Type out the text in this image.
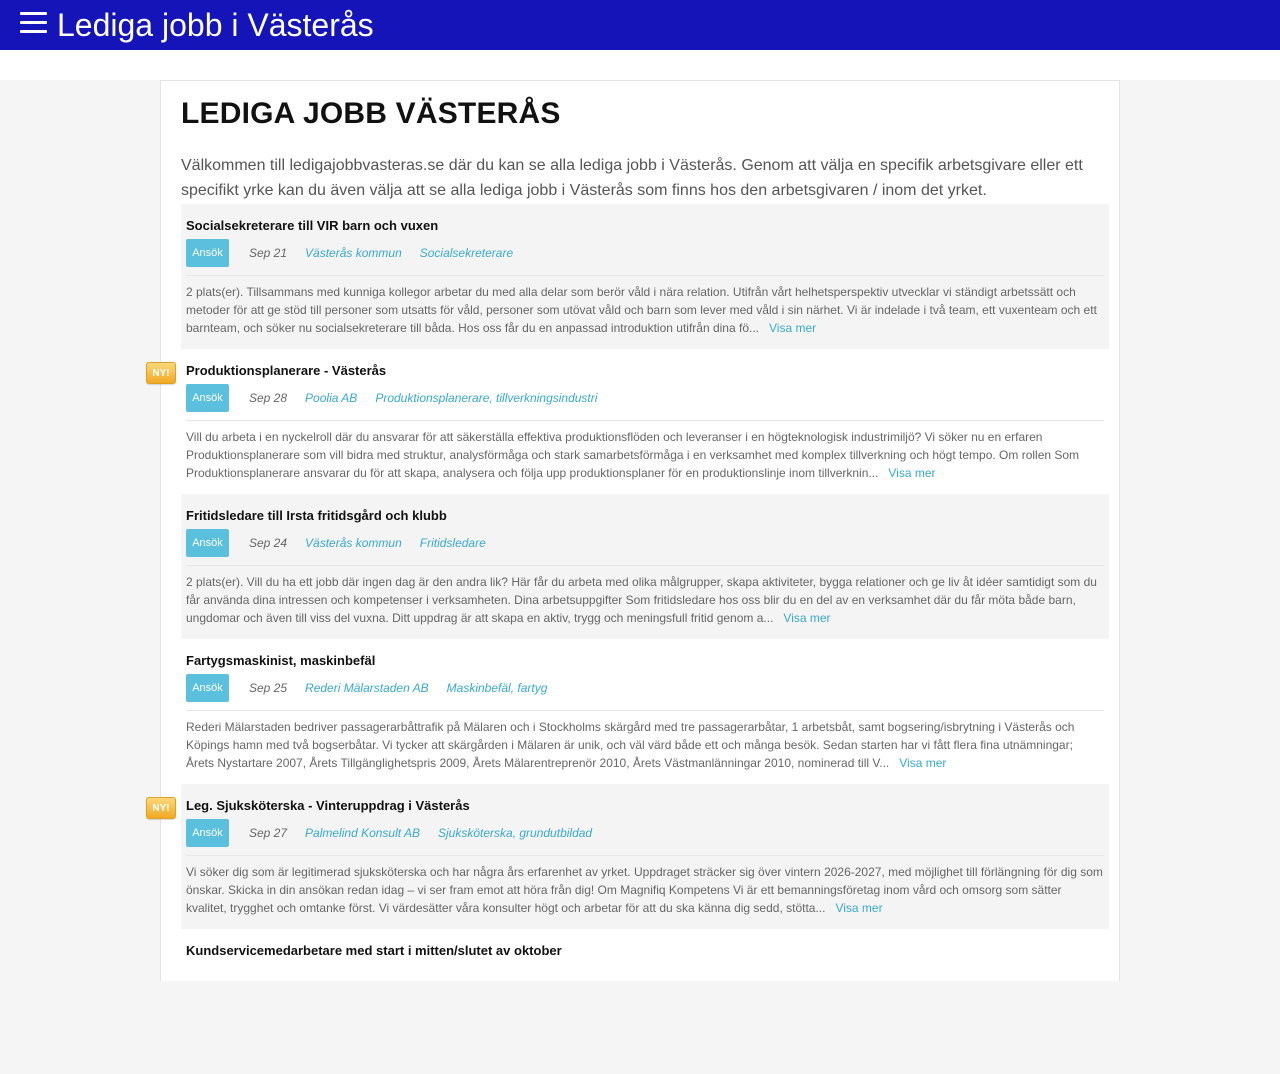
Lediga jobb i Västerås
LEDIGA JOBB VÄSTERÅS

Välkommen till ledigajobbvasteras.se där du kan se alla lediga jobb i Västerås. Genom att välja en specifik arbetsgivare eller ett specifikt yrke kan du även välja att se alla lediga jobb i Västerås som finns hos den arbetsgivaren / inom det yrket.

Socialsekreterare till VIR barn och vuxen
Ansök	Sep 21 Västerås kommun Socialsekreterare

2 plats(er). Tillsammans med kunniga kollegor arbetar du med alla delar som berör våld i nära relation. Utifrån vårt helhetsperspektiv utvecklar vi ständigt arbetssätt och metoder för att ge stöd till personer som utsatts för våld, personer som utövat våld och barn som lever med våld i sin närhet. Vi är indelade i två team, ett vuxenteam och ett barnteam, och söker nu socialsekreterare till båda. Hos oss får du en anpassad introduktion utifrån dina fö... Visa mer

NY!	Produktionsplanerare - Västerås
Ansök	Sep 28 Poolia AB Produktionsplanerare, tillverkningsindustri

Vill du arbeta i en nyckelroll där du ansvarar för att säkerställa effektiva produktionsflöden och leveranser i en högteknologisk industrimiljö? Vi söker nu en erfaren Produktionsplanerare som vill bidra med struktur, analysförmåga och stark samarbetsförmåga i en verksamhet med komplex tillverkning och högt tempo. Om rollen Som Produktionsplanerare ansvarar du för att skapa, analysera och följa upp produktionsplaner för en produktionslinje inom tillverknin... Visa mer

Fritidsledare till Irsta fritidsgård och klubb
Ansök	Sep 24 Västerås kommun Fritidsledare

2 plats(er). Vill du ha ett jobb där ingen dag är den andra lik? Här får du arbeta med olika målgrupper, skapa aktiviteter, bygga relationer och ge liv åt idéer samtidigt som du får använda dina intressen och kompetenser i verksamheten. Dina arbetsuppgifter Som fritidsledare hos oss blir du en del av en verksamhet där du får möta både barn, ungdomar och även till viss del vuxna. Ditt uppdrag är att skapa en aktiv, trygg och meningsfull fritid genom a... Visa mer

Fartygsmaskinist, maskinbefäl
Ansök	Sep 25 Rederi Mälarstaden AB Maskinbefäl, fartyg

Rederi Mälarstaden bedriver passagerarbåttrafik på Mälaren och i Stockholms skärgård med tre passagerarbåtar, 1 arbetsbåt, samt bogsering/isbrytning i Västerås och Köpings hamn med två bogserbåtar. Vi tycker att skärgården i Mälaren är unik, och väl värd både ett och många besök. Sedan starten har vi fått flera fina utnämningar; Årets Nystartare 2007, Årets Tillgänglighetspris 2009, Årets Mälarentreprenör 2010, Årets Västmanlänningar 2010, nominerad till V... Visa mer

NY!	Leg. Sjuksköterska - Vinteruppdrag i Västerås
Ansök	Sep 27 Palmelind Konsult AB Sjuksköterska, grundutbildad

Vi söker dig som är legitimerad sjuksköterska och har några års erfarenhet av yrket. Uppdraget sträcker sig över vintern 2026-2027, med möjlighet till förlängning för dig som önskar. Skicka in din ansökan redan idag – vi ser fram emot att höra från dig! Om Magnifiq Kompetens Vi är ett bemanningsföretag inom vård och omsorg som sätter kvalitet, trygghet och omtanke först. Vi värdesätter våra konsulter högt och arbetar för att du ska känna dig sedd, stötta... Visa mer

Kundservicemedarbetare med start i mitten/slutet av oktober
